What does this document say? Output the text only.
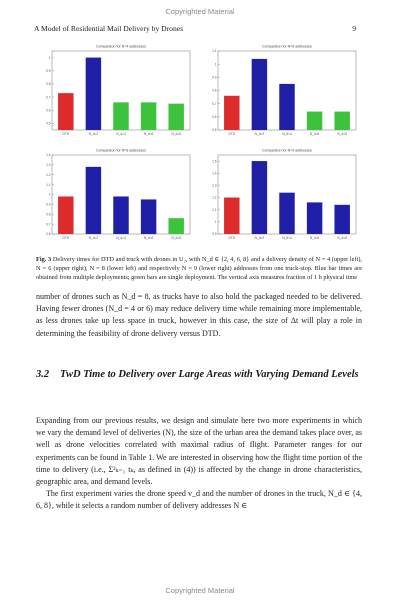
Copyrighted Material
A Model of Residential Mail Delivery by Drones	9
Comparison for N=4 addresses
0.5
0.6
0.7
0.8
0.9
1
DTD	N_d=2	N_d=4	N_d=6	N_d=8
Comparison for N=6 addresses
0.5
0.6
0.7
0.8
0.9
1
1.1
DTD	N_d=2	N_d=4	N_d=6	N_d=8
Comparison for N=8 addresses
0.6
0.7
0.8
0.9
1
1.1
1.2
1.3
1.4
DTD	N_d=2	N_d=4	N_d=6	N_d=8
Comparison for N=9 addresses
0.9
1
1.1
1.2
1.3
1.4
1.5
DTD	N_d=2	N_d=4	N_d=6	N_d=8
Fig. 3 Delivery times for DTD and truck with drones in U₂, with N_d ∈ {2, 4, 6, 8} and a delivery density of N = 4 (upper left), N = 6 (upper right), N = 8 (lower left) and respectively N = 9 (lower right) addresses from one truck-stop. Blue bar times are obtained from multiple deployments; green bars are single deployment. The vertical axis measures fraction of 1 h physical time

number of drones such as N_d = 8, as trucks have to also hold the packaged needed to be delivered. Having fewer drones (N_d = 4 or 6) may reduce delivery time while remaining more implementable, as less drones take up less space in truck, however in this case, the size of Δt will play a role in determining the feasibility of drone delivery versus DTD.

3.2	TwD Time to Delivery over Large Areas with Varying Demand Levels

Expanding from our previous results, we design and simulate here two more experiments in which we vary the demand level of deliveries (N), the size of the urban area the demand takes place over, as well as drone velocities correlated with maximal radius of flight. Parameter ranges for our experiments can be found in Table 1. We are interested in observing how the flight time portion of the time to delivery (i.e., Σ²ₖ₌₁ tₖ, as defined in (4)) is affected by the change in drone characteristics, geographic area, and demand levels.

The first experiment varies the drone speed v_d and the number of drones in the truck, N_d ∈ {4, 6, 8}, while it selects a random number of delivery addresses N ∈

Copyrighted Material
